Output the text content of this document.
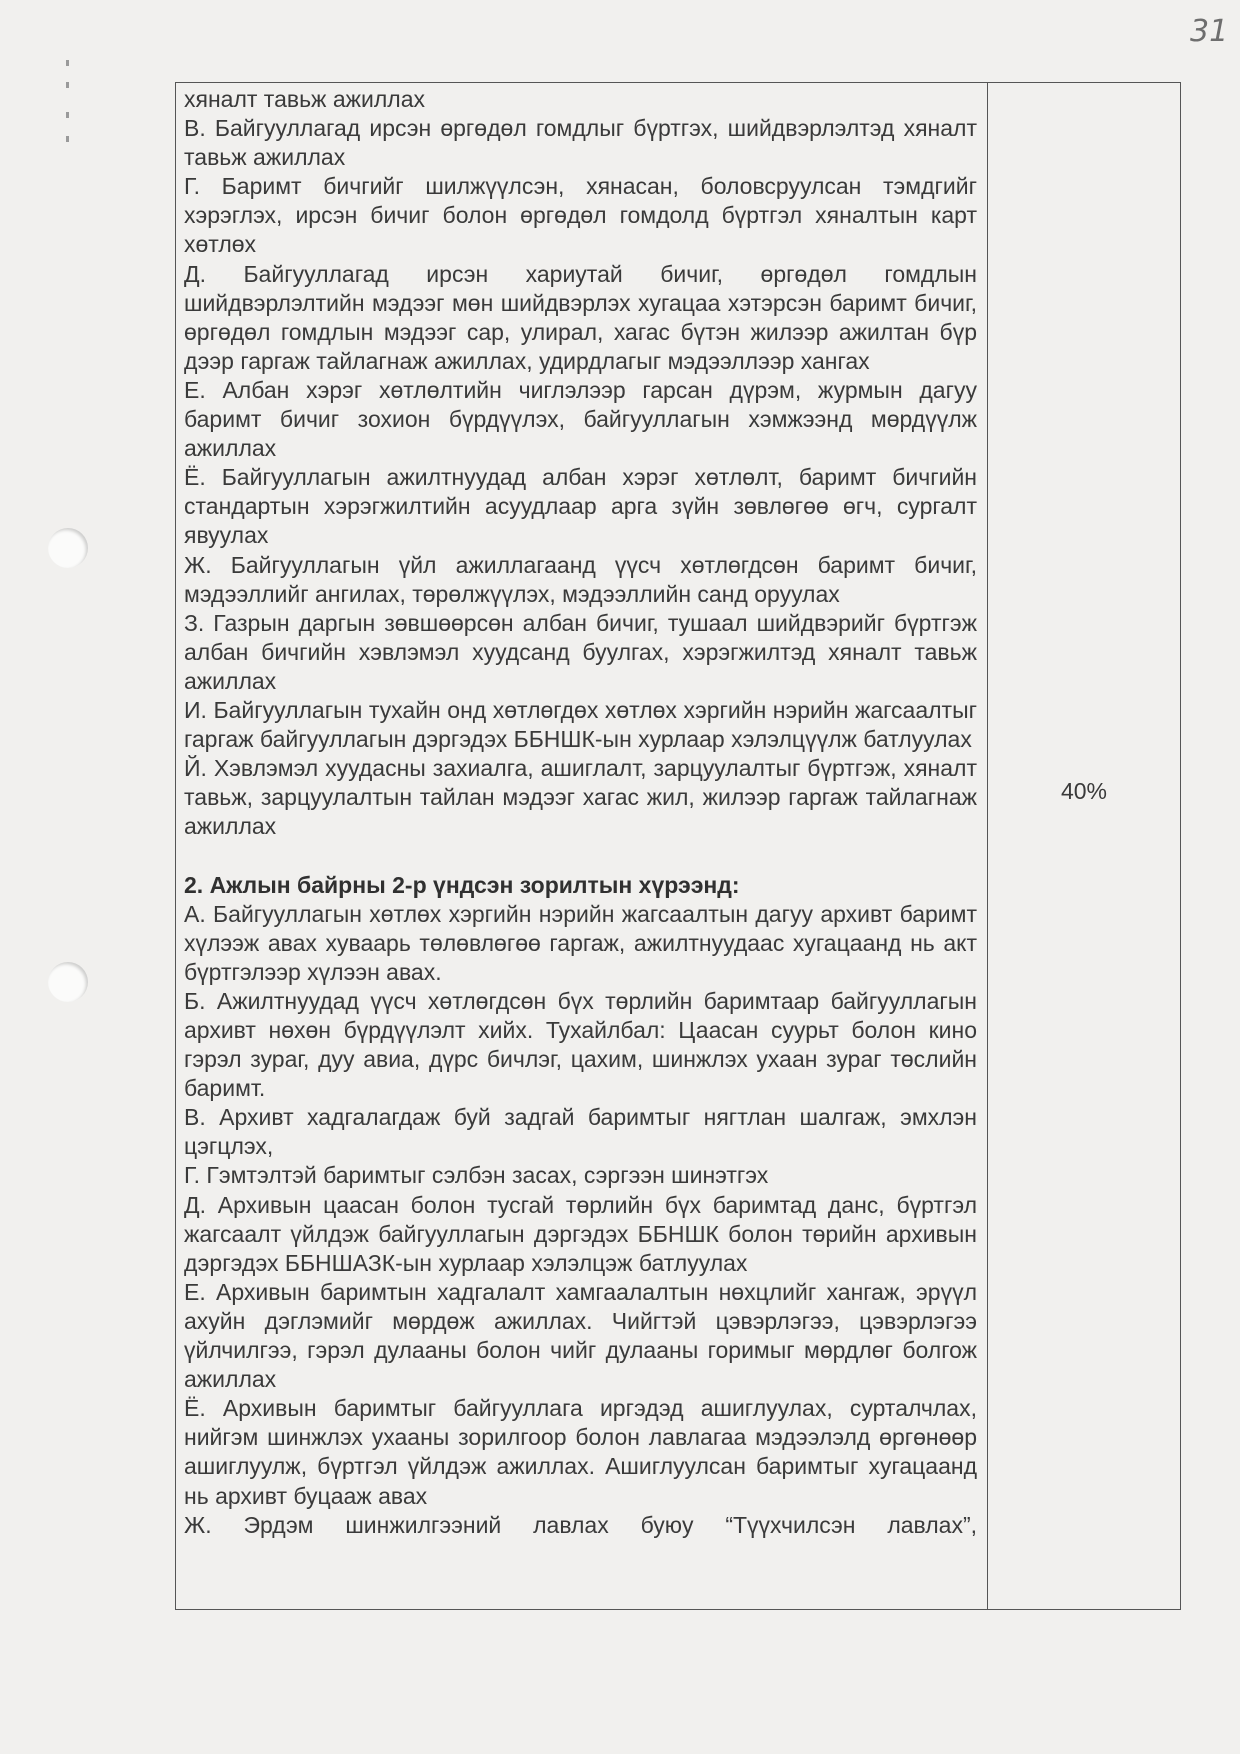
31

хяналт тавьж ажиллах

В. Байгууллагад ирсэн өргөдөл гомдлыг бүртгэх, шийдвэрлэлтэд хяналт тавьж ажиллах

Г. Баримт бичгийг шилжүүлсэн, хянасан, боловсруулсан тэмдгийг хэрэглэх, ирсэн бичиг болон өргөдөл гомдолд бүртгэл хяналтын карт хөтлөх

Д. Байгууллагад ирсэн хариутай бичиг, өргөдөл гомдлын шийдвэрлэлтийн мэдээг мөн шийдвэрлэх хугацаа хэтэрсэн баримт бичиг, өргөдөл гомдлын мэдээг сар, улирал, хагас бүтэн жилээр ажилтан бүр дээр гаргаж тайлагнаж ажиллах, удирдлагыг мэдээллээр хангах

Е. Албан хэрэг хөтлөлтийн чиглэлээр гарсан дүрэм, журмын дагуу баримт бичиг зохион бүрдүүлэх, байгууллагын хэмжээнд мөрдүүлж ажиллах

Ё. Байгууллагын ажилтнуудад албан хэрэг хөтлөлт, баримт бичгийн стандартын хэрэгжилтийн асуудлаар арга зүйн зөвлөгөө өгч, сургалт явуулах

Ж. Байгууллагын үйл ажиллагаанд үүсч хөтлөгдсөн баримт бичиг, мэдээллийг ангилах, төрөлжүүлэх, мэдээллийн санд оруулах

З. Газрын даргын зөвшөөрсөн албан бичиг, тушаал шийдвэрийг бүртгэж албан бичгийн хэвлэмэл хуудсанд буулгах, хэрэгжилтэд хяналт тавьж ажиллах

И. Байгууллагын тухайн онд хөтлөгдөх хөтлөх хэргийн нэрийн жагсаалтыг гаргаж байгууллагын дэргэдэх ББНШК-ын хурлаар хэлэлцүүлж батлуулах

Й. Хэвлэмэл хуудасны захиалга, ашиглалт, зарцуулалтыг бүртгэж, хяналт тавьж, зарцуулалтын тайлан мэдээг хагас жил, жилээр гаргаж тайлагнаж ажиллах

2. Ажлын байрны 2-р үндсэн зорилтын хүрээнд:

А. Байгууллагын хөтлөх хэргийн нэрийн жагсаалтын дагуу архивт баримт хүлээж авах хуваарь төлөвлөгөө гаргаж, ажилтнуудаас хугацаанд нь акт бүртгэлээр хүлээн авах.

Б. Ажилтнуудад үүсч хөтлөгдсөн бүх төрлийн баримтаар байгууллагын архивт нөхөн бүрдүүлэлт хийх. Тухайлбал: Цаасан суурьт болон кино гэрэл зураг, дуу авиа, дүрс бичлэг, цахим, шинжлэх ухаан зураг төслийн баримт.

В. Архивт хадгалагдаж буй задгай баримтыг нягтлан шалгаж, эмхлэн цэгцлэх,

Г. Гэмтэлтэй баримтыг сэлбэн засах, сэргээн шинэтгэх

Д. Архивын цаасан болон тусгай төрлийн бүх баримтад данс, бүртгэл жагсаалт үйлдэж байгууллагын дэргэдэх ББНШК болон төрийн архивын дэргэдэх ББНШАЗК-ын хурлаар хэлэлцэж батлуулах

Е. Архивын баримтын хадгалалт хамгаалалтын нөхцлийг хангаж, эрүүл ахуйн дэглэмийг мөрдөж ажиллах. Чийгтэй цэвэрлэгээ, цэвэрлэгээ үйлчилгээ, гэрэл дулааны болон чийг дулааны горимыг мөрдлөг болгож ажиллах

Ё. Архивын баримтыг байгууллага иргэдэд ашиглуулах, сурталчлах, нийгэм шинжлэх ухааны зорилгоор болон лавлагаа мэдээлэлд өргөнөөр ашиглуулж, бүртгэл үйлдэж ажиллах. Ашиглуулсан баримтыг хугацаанд нь архивт буцааж авах

Ж. Эрдэм шинжилгээний лавлах буюу “Түүхчилсэн лавлах”,

40%
